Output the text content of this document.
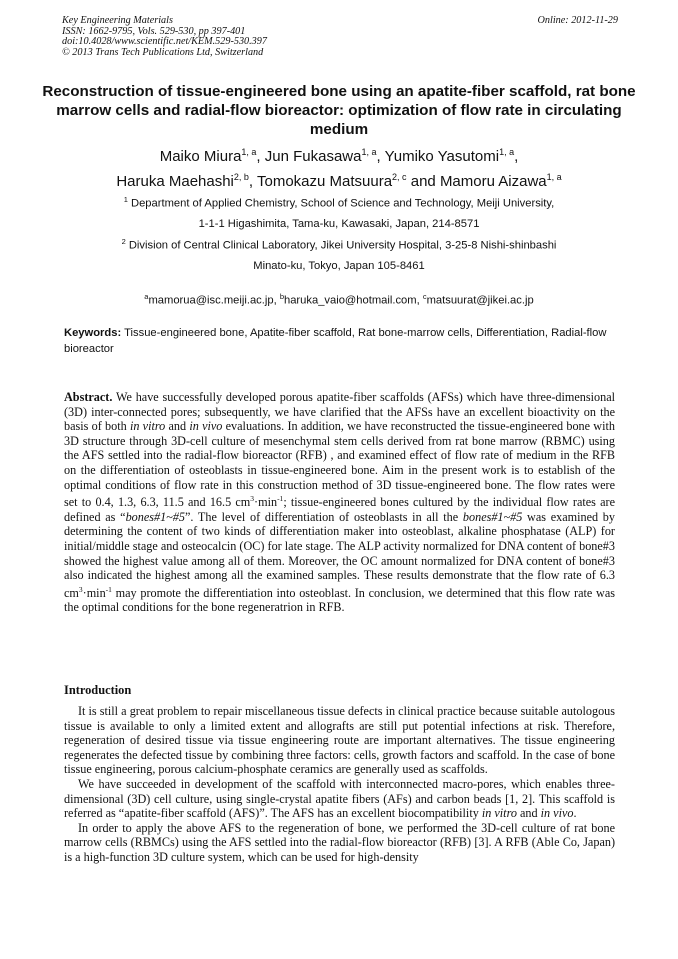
Key Engineering Materials
ISSN: 1662-9795, Vols. 529-530, pp 397-401
doi:10.4028/www.scientific.net/KEM.529-530.397
© 2013 Trans Tech Publications Ltd, Switzerland
Online: 2012-11-29
Reconstruction of tissue-engineered bone using an apatite-fiber scaffold, rat bone marrow cells and radial-flow bioreactor: optimization of flow rate in circulating medium
Maiko Miura$^{1, a}$, Jun Fukasawa$^{1, a}$, Yumiko Yasutomi$^{1, a}$,
Haruka Maehashi$^{2, b}$, Tomokazu Matsuura$^{2, c}$ and Mamoru Aizawa$^{1, a}$
$^1$ Department of Applied Chemistry, School of Science and Technology, Meiji University,
1-1-1 Higashimita, Tama-ku, Kawasaki, Japan, 214-8571
$^2$ Division of Central Clinical Laboratory, Jikei University Hospital, 3-25-8 Nishi-shinbashi
Minato-ku, Tokyo, Japan 105-8461
$^a$mamorua@isc.meiji.ac.jp, $^b$haruka_vaio@hotmail.com, $^c$matsuurat@jikei.ac.jp
Keywords: Tissue-engineered bone, Apatite-fiber scaffold, Rat bone-marrow cells, Differentiation, Radial-flow bioreactor

Abstract. We have successfully developed porous apatite-fiber scaffolds (AFSs) which have three-dimensional (3D) inter-connected pores; subsequently, we have clarified that the AFSs have an excellent bioactivity on the basis of both in vitro and in vivo evaluations. In addition, we have reconstructed the tissue-engineered bone with 3D structure through 3D-cell culture of mesenchymal stem cells derived from rat bone marrow (RBMC) using the AFS settled into the radial-flow bioreactor (RFB) , and examined effect of flow rate of medium in the RFB on the differentiation of osteoblasts in tissue-engineered bone. Aim in the present work is to establish of the optimal conditions of flow rate in this construction method of 3D tissue-engineered bone. The flow rates were set to 0.4, 1.3, 6.3, 11.5 and 16.5 $cm^3\cdot\min^{-1}$; tissue-engineered bones cultured by the individual flow rates are defined as “bones#1~#5”. The level of differentiation of osteoblasts in all the bones#1~#5 was examined by determining the content of two kinds of differentiation maker into osteoblast, alkaline phosphatase (ALP) for initial/middle stage and osteocalcin (OC) for late stage. The ALP activity normalized for DNA content of bone#3 showed the highest value among all of them. Moreover, the OC amount normalized for DNA content of bone#3 also indicated the highest among all the examined samples. These results demonstrate that the flow rate of 6.3 $cm^3\cdot\min^{-1}$ may promote the differentiation into osteoblast. In conclusion, we determined that this flow rate was the optimal conditions for the bone regeneratrion in RFB.

Introduction

It is still a great problem to repair miscellaneous tissue defects in clinical practice because suitable autologous tissue is available to only a limited extent and allografts are still put potential infections at risk. Therefore, regeneration of desired tissue via tissue engineering route are important alternatives. The tissue engineering regenerates the defected tissue by combining three factors: cells, growth factors and scaffold. In the case of bone tissue engineering, porous calcium-phosphate ceramics are generally used as scaffolds.

We have succeeded in development of the scaffold with interconnected macro-pores, which enables three-dimensional (3D) cell culture, using single-crystal apatite fibers (AFs) and carbon beads [1, 2]. This scaffold is referred as “apatite-fiber scaffold (AFS)”. The AFS has an excellent biocompatibility in vitro and in vivo.

In order to apply the above AFS to the regeneration of bone, we performed the 3D-cell culture of rat bone marrow cells (RBMCs) using the AFS settled into the radial-flow bioreactor (RFB) [3]. A RFB (Able Co, Japan) is a high-function 3D culture system, which can be used for high-density
